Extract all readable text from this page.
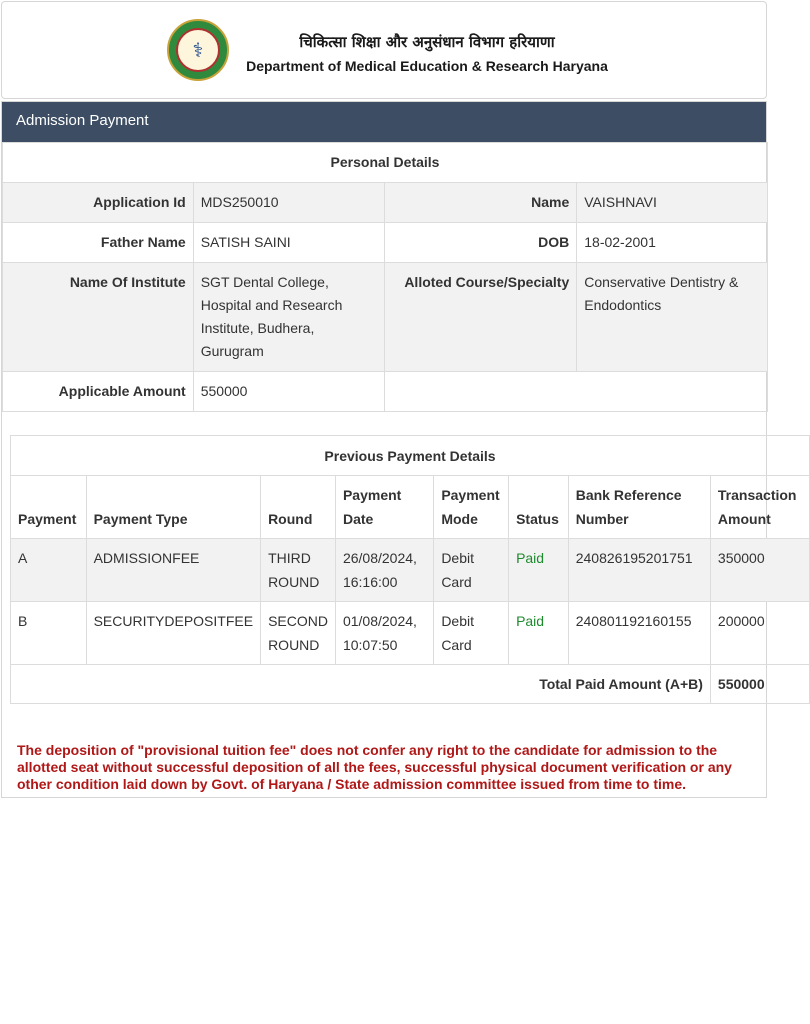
⚕	चिकित्सा शिक्षा और अनुसंधान विभाग हरियाणा
Department of Medical Education & Research Haryana
Admission Payment
Personal Details			
Application Id	MDS250010	Name	VAISHNAVI
Father Name	SATISH SAINI	DOB	18-02-2001
Name Of Institute	SGT Dental College, Hospital and Research Institute, Budhera, Gurugram	Alloted Course/Specialty	Conservative Dentistry & Endodontics
Applicable Amount	550000		
Previous Payment Details							
Payment	Payment Type	Round	Payment Date	Payment Mode	Status	Bank Reference Number	Transaction Amount
A	ADMISSIONFEE	THIRD ROUND	26/08/2024, 16:16:00	Debit Card	Paid	240826195201751	350000
B	SECURITYDEPOSITFEE	SECOND ROUND	01/08/2024, 10:07:50	Debit Card	Paid	240801192160155	200000
Total Paid Amount (A+B)							550000
The deposition of "provisional tuition fee" does not confer any right to the candidate for admission to the allotted seat without successful deposition of all the fees, successful physical document verification or any other condition laid down by Govt. of Haryana / State admission committee issued from time to time.
